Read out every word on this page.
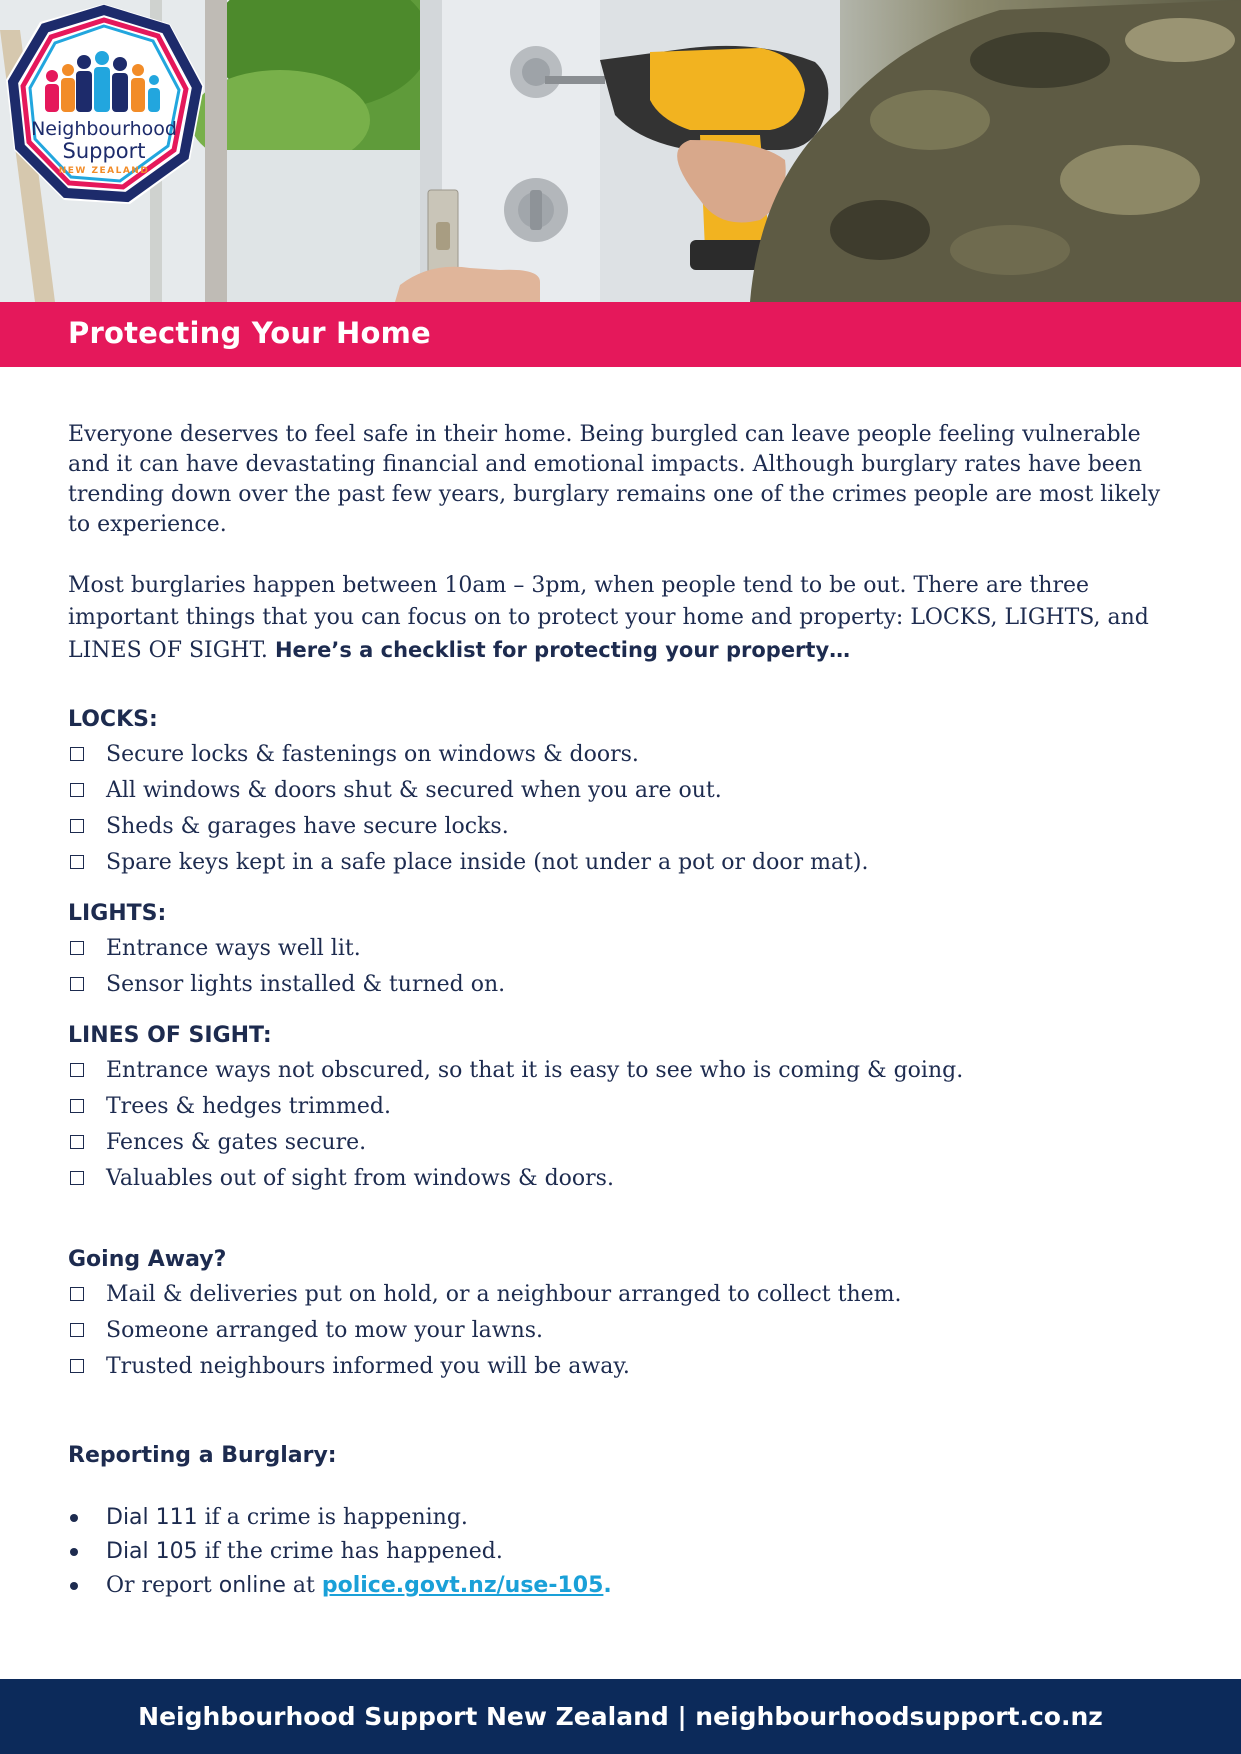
Neighbourhood
Support
NEW ZEALAND
Protecting Your Home

Everyone deserves to feel safe in their home. Being burgled can leave people feeling vulnerable and it can have devastating financial and emotional impacts. Although burglary rates have been trending down over the past few years, burglary remains one of the crimes people are most likely to experience.

Most burglaries happen between 10am – 3pm, when people tend to be out. There are three important things that you can focus on to protect your home and property: LOCKS, LIGHTS, and LINES OF SIGHT. Here’s a checklist for protecting your property…

LOCKS:

Secure locks & fastenings on windows & doors.
All windows & doors shut & secured when you are out.
Sheds & garages have secure locks.
Spare keys kept in a safe place inside (not under a pot or door mat).

LIGHTS:

Entrance ways well lit.
Sensor lights installed & turned on.

LINES OF SIGHT:

Entrance ways not obscured, so that it is easy to see who is coming & going.
Trees & hedges trimmed.
Fences & gates secure.
Valuables out of sight from windows & doors.

Going Away?

Mail & deliveries put on hold, or a neighbour arranged to collect them.
Someone arranged to mow your lawns.
Trusted neighbours informed you will be away.

Reporting a Burglary:

Dial 111 if a crime is happening.
Dial 105 if the crime has happened.
Or report online at police.govt.nz/use-105.

Neighbourhood Support New Zealand | neighbourhoodsupport.co.nz
